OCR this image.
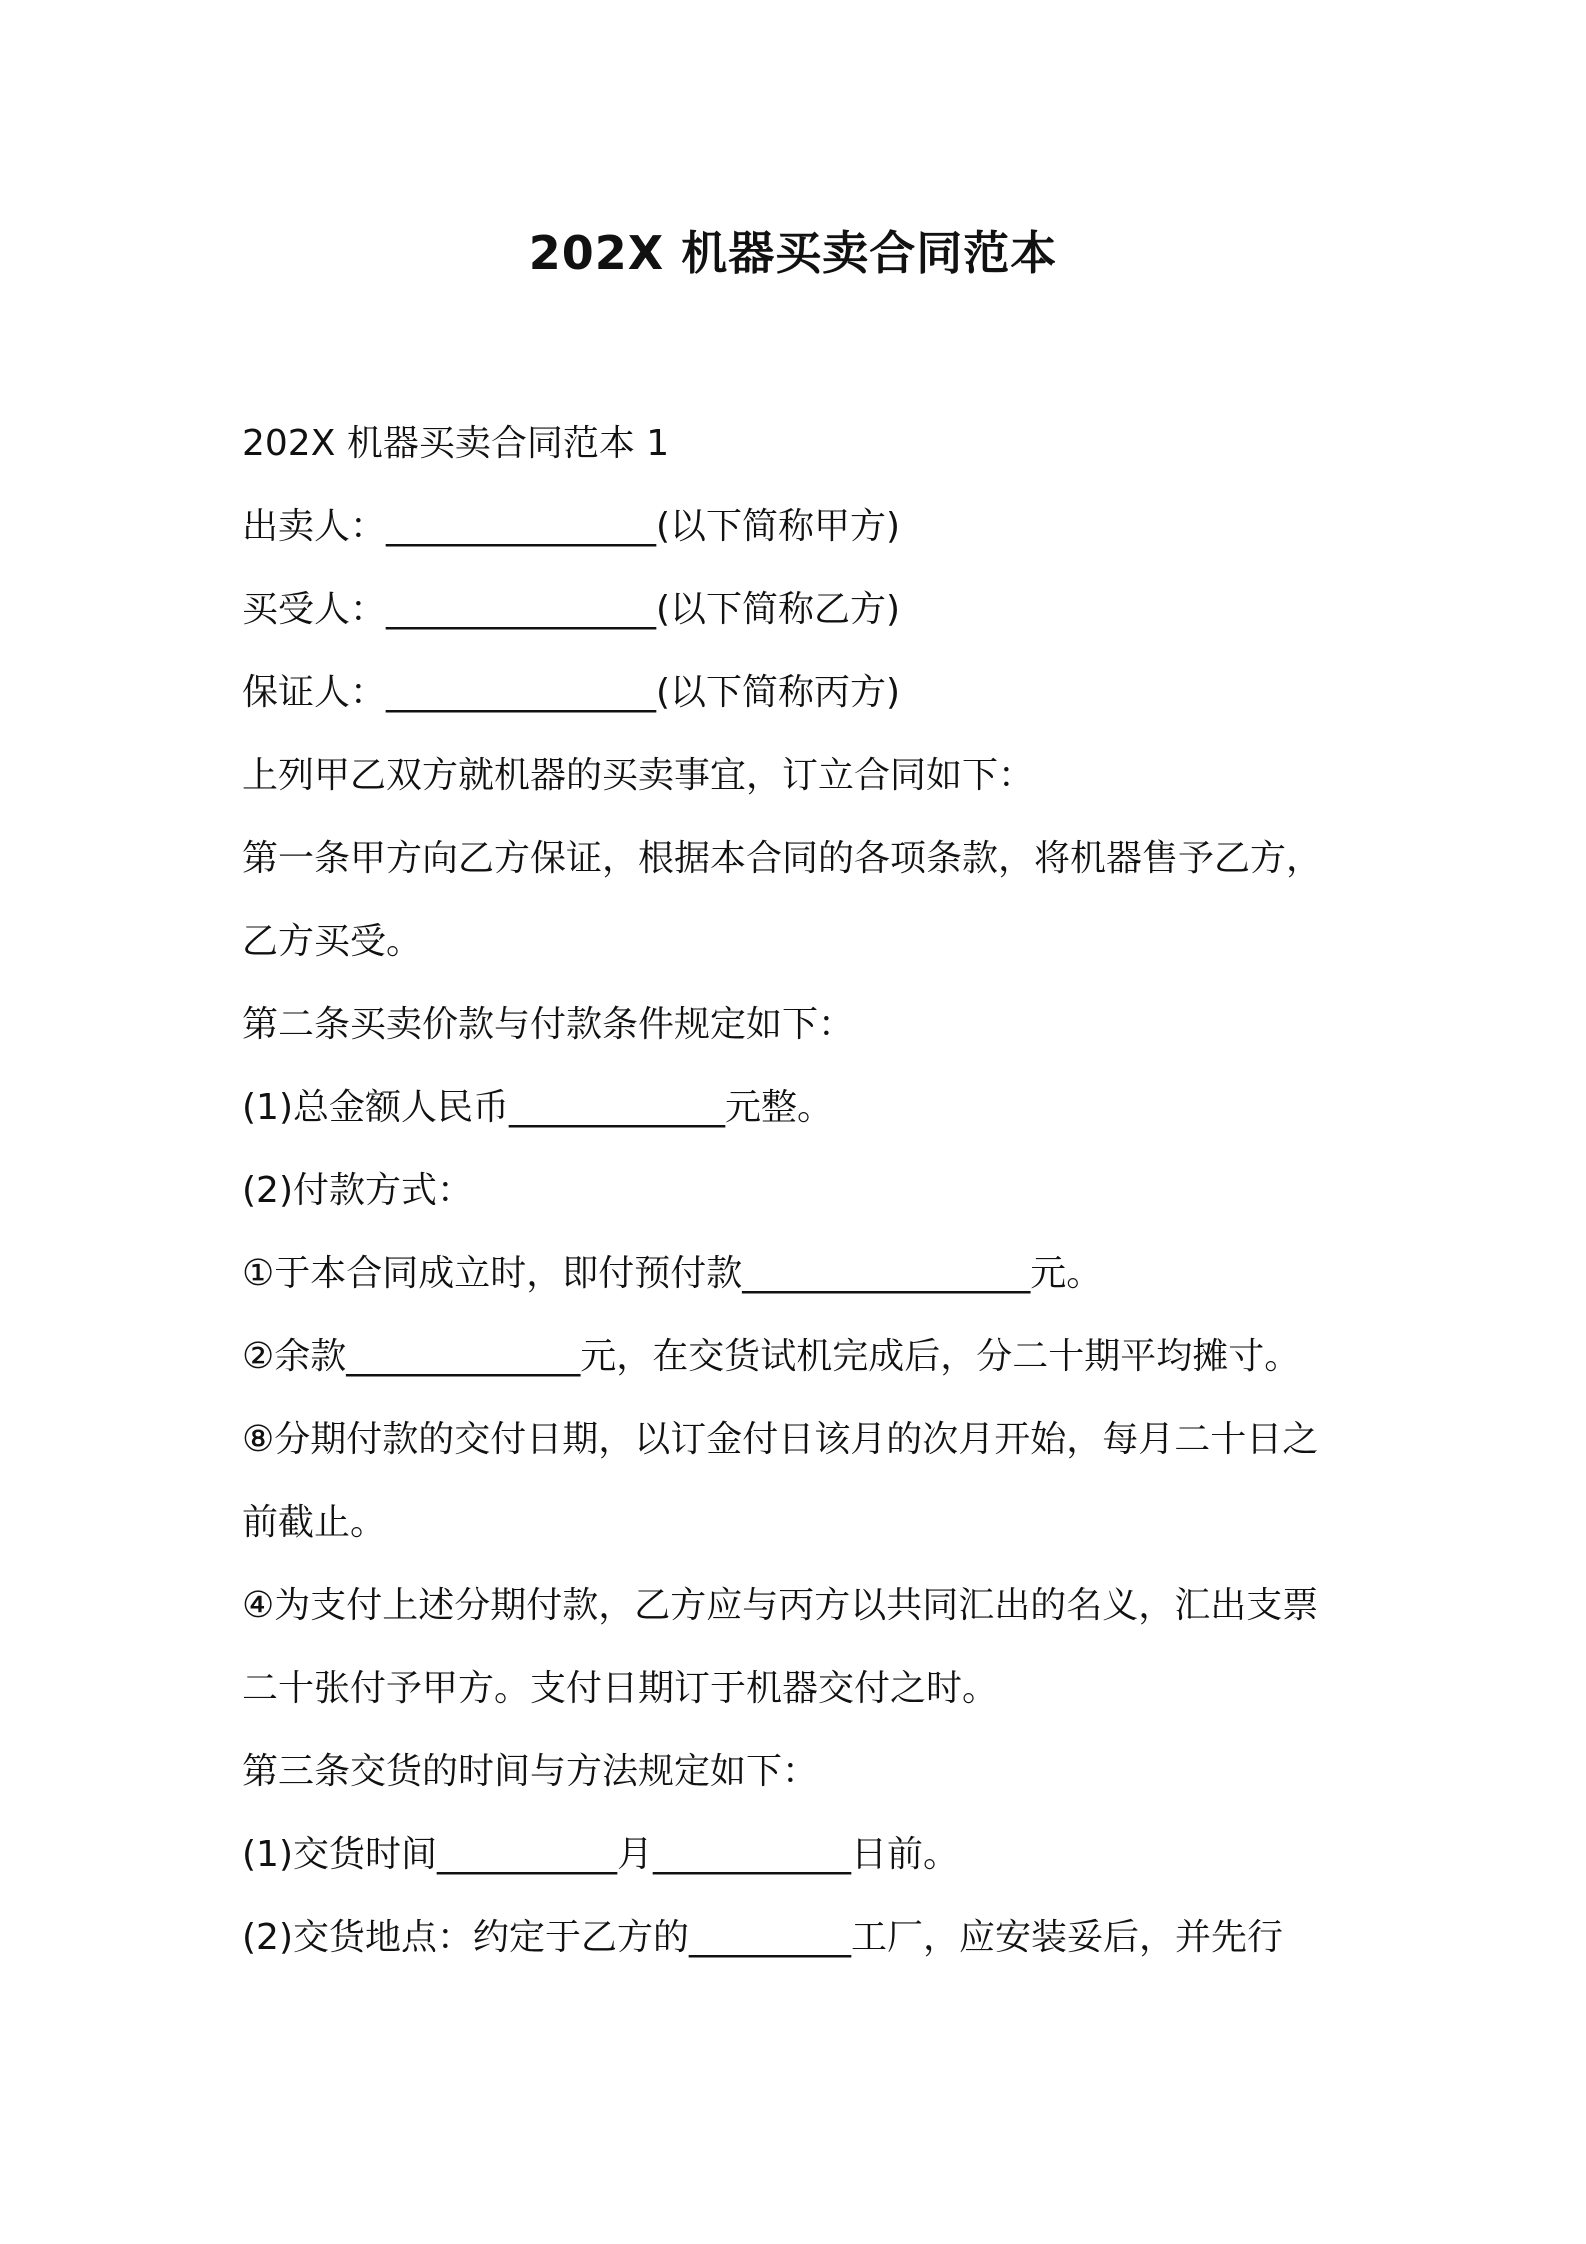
202X 机器买卖合同范本

202X 机器买卖合同范本 1

出卖人：_______________(以下简称甲方)

买受人：_______________(以下简称乙方)

保证人：_______________(以下简称丙方)

上列甲乙双方就机器的买卖事宜，订立合同如下：

第一条甲方向乙方保证，根据本合同的各项条款，将机器售予乙方，

乙方买受。

第二条买卖价款与付款条件规定如下：

(1)总金额人民币____________元整。

(2)付款方式：

①于本合同成立时，即付预付款________________元。

②余款_____________元，在交货试机完成后，分二十期平均摊寸。

⑧分期付款的交付日期，以订金付日该月的次月开始，每月二十日之

前截止。

④为支付上述分期付款，乙方应与丙方以共同汇出的名义，汇出支票

二十张付予甲方。支付日期订于机器交付之时。

第三条交货的时间与方法规定如下：

(1)交货时间__________月___________日前。

(2)交货地点：约定于乙方的_________工厂，应安装妥后，并先行
